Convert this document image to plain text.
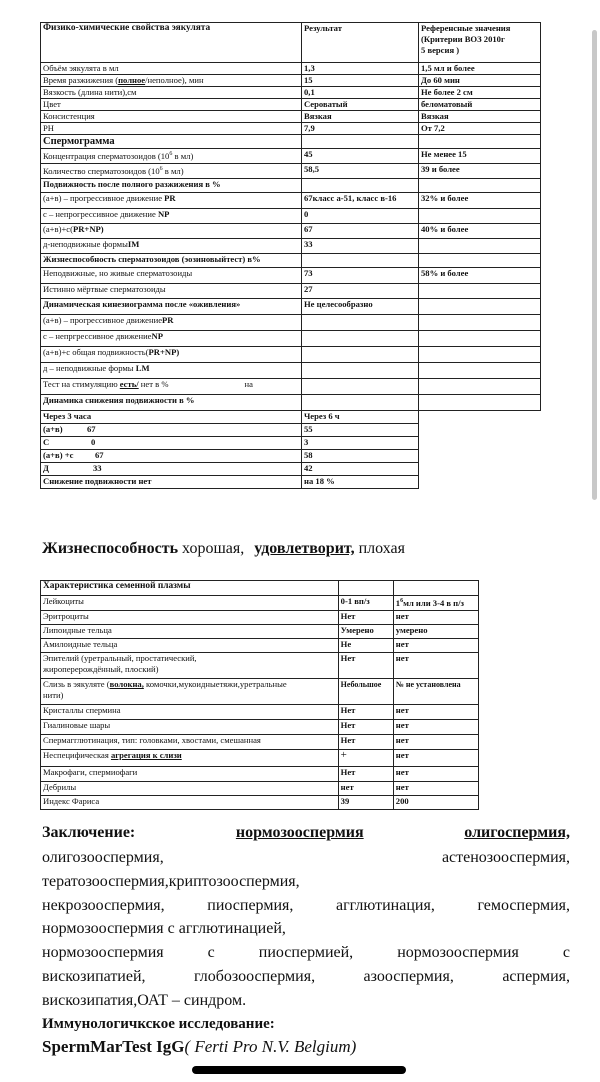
Физико-химические свойства эякулята	Результат	Референсные значения
(Критерии ВОЗ 2010г
5 версия )
Объём эякулята в мл	1,3	1,5 мл и более
Время разжижения (полное/неполное), мин	15	До 60 мин
Вязкость (длина нити),см	0,1	Не более 2 см
Цвет	Сероватый	беломатовый
Консистенция	Вязкая	Вязкая
PH	7,9	От 7,2
Спермограмма		
Концентрация сперматозоидов ($10^6$ в мл)	45	Не менее 15
Количество сперматозоидов ($10^6$ в мл)	58,5	39 и более
Подвижность после полного разжижения в %		
(а+в) – прогрессивное движение PR	67класс а-51, класс в-16	32% и более
с – непрогрессивное движение NP	0	
(а+в)+с(PR+NP)	67	40% и более
д-неподвижные формыIM	33	
Жизнеспособность сперматозоидов (эозиновыйтест) в%		
Неподвижные, но живые сперматозоиды	73	58% и более
Истинно мёртвые сперматозоиды	27	
Динамическая кинезиограмма после «оживления»	Не целесообразно	
(а+в) – прогрессивное движениеPR		
с – непргрессивное движениеNP		
(а+в)+с общая подвижность(PR+NP)		
д – неподвижные формы LM		
Тест на стимуляцию есть/ нет в % на		
Динамика снижения подвижности в %		
Через 3 часа	Через 6 ч	
(а+в) 67	55	
С 0	3	
(а+в) +с 67	58	
Д 33	42	
Снижение подвижности нет	на 18 %	
Жизнеспособность хорошая, удовлетворит, плохая
Характеристика семенной плазмы		
Лейкоциты	0-1 вп/з	$1^6мл$ или 3-4 в п/з
Эритроциты	Нет	нет
Липоидные тельца	Умерено	умерено
Амилоидные тельца	Не	нет
Эпителий (уретральный, простатический,
жироперерождённый, плоский)	Нет	нет
Слизь в эякуляте (волокна, комочки,мукоидныетяжи,уретральные
нити)	Небольшое	№ не установлена
Кристаллы спермина	Нет	нет
Гиалиновые шары	Нет	нет
Спермагглютинация, тип: головками, хвостами, смешанная	Нет	нет
Неспецифическая агрегация к слизи	+	нет
Макрофаги, спермиофаги	Нет	нет
Дебрилы	нет	нет
Индекс Фариса	39	200
Заключение:	нормозооспермия	олигоспермия,
олигозооспермия,	астенозооспермия,
тератозооспермия,криптозооспермия,
некрозооспермия,	пиоспермия,	агглютинация,	гемоспермия,
нормозооспермия с агглютинацией,
нормозооспермия	с	пиоспермией,	нормозооспермия	с
вискозипатией,	глобозооспермия,	азооспермия,	аспермия,
вискозипатия,ОАТ – синдром.
Иммунологичкское исследование:
SpermMarTest IgG( Ferti Pro N.V. Belgium)
